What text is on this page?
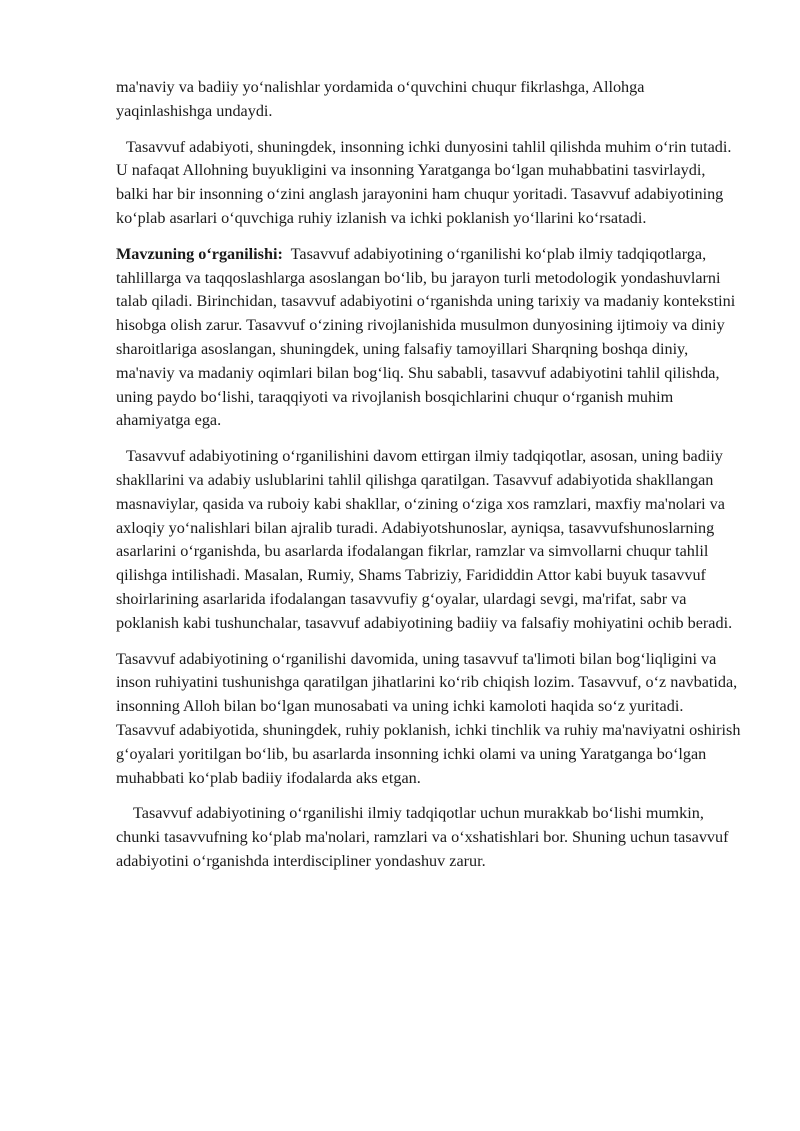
ma'naviy va badiiy yoʻnalishlar yordamida oʻquvchini chuqur fikrlashga, Allohga yaqinlashishga undaydi.

Tasavvuf adabiyoti, shuningdek, insonning ichki dunyosini tahlil qilishda muhim oʻrin tutadi. U nafaqat Allohning buyukligini va insonning Yaratganga boʻlgan muhabbatini tasvirlaydi, balki har bir insonning oʻzini anglash jarayonini ham chuqur yoritadi. Tasavvuf adabiyotining koʻplab asarlari oʻquvchiga ruhiy izlanish va ichki poklanish yoʻllarini koʻrsatadi.

Mavzuning oʻrganilishi: Tasavvuf adabiyotining oʻrganilishi koʻplab ilmiy tadqiqotlarga, tahlillarga va taqqoslashlarga asoslangan boʻlib, bu jarayon turli metodologik yondashuvlarni talab qiladi. Birinchidan, tasavvuf adabiyotini oʻrganishda uning tarixiy va madaniy kontekstini hisobga olish zarur. Tasavvuf oʻzining rivojlanishida musulmon dunyosining ijtimoiy va diniy sharoitlariga asoslangan, shuningdek, uning falsafiy tamoyillari Sharqning boshqa diniy, ma'naviy va madaniy oqimlari bilan bogʻliq. Shu sababli, tasavvuf adabiyotini tahlil qilishda, uning paydo boʻlishi, taraqqiyoti va rivojlanish bosqichlarini chuqur oʻrganish muhim ahamiyatga ega.

Tasavvuf adabiyotining oʻrganilishini davom ettirgan ilmiy tadqiqotlar, asosan, uning badiiy shakllarini va adabiy uslublarini tahlil qilishga qaratilgan. Tasavvuf adabiyotida shakllangan masnaviylar, qasida va ruboiy kabi shakllar, oʻzining oʻziga xos ramzlari, maxfiy ma'nolari va axloqiy yoʻnalishlari bilan ajralib turadi. Adabiyotshunoslar, ayniqsa, tasavvufshunoslarning asarlarini oʻrganishda, bu asarlarda ifodalangan fikrlar, ramzlar va simvollarni chuqur tahlil qilishga intilishadi. Masalan, Rumiy, Shams Tabriziy, Farididdin Attor kabi buyuk tasavvuf shoirlarining asarlarida ifodalangan tasavvufiy gʻoyalar, ulardagi sevgi, ma'rifat, sabr va poklanish kabi tushunchalar, tasavvuf adabiyotining badiiy va falsafiy mohiyatini ochib beradi.

Tasavvuf adabiyotining oʻrganilishi davomida, uning tasavvuf ta'limoti bilan bogʻliqligini va inson ruhiyatini tushunishga qaratilgan jihatlarini koʻrib chiqish lozim. Tasavvuf, oʻz navbatida, insonning Alloh bilan boʻlgan munosabati va uning ichki kamoloti haqida soʻz yuritadi. Tasavvuf adabiyotida, shuningdek, ruhiy poklanish, ichki tinchlik va ruhiy ma'naviyatni oshirish gʻoyalari yoritilgan boʻlib, bu asarlarda insonning ichki olami va uning Yaratganga boʻlgan muhabbati koʻplab badiiy ifodalarda aks etgan.

Tasavvuf adabiyotining oʻrganilishi ilmiy tadqiqotlar uchun murakkab boʻlishi mumkin, chunki tasavvufning koʻplab ma'nolari, ramzlari va oʻxshatishlari bor. Shuning uchun tasavvuf adabiyotini oʻrganishda interdiscipliner yondashuv zarur.
